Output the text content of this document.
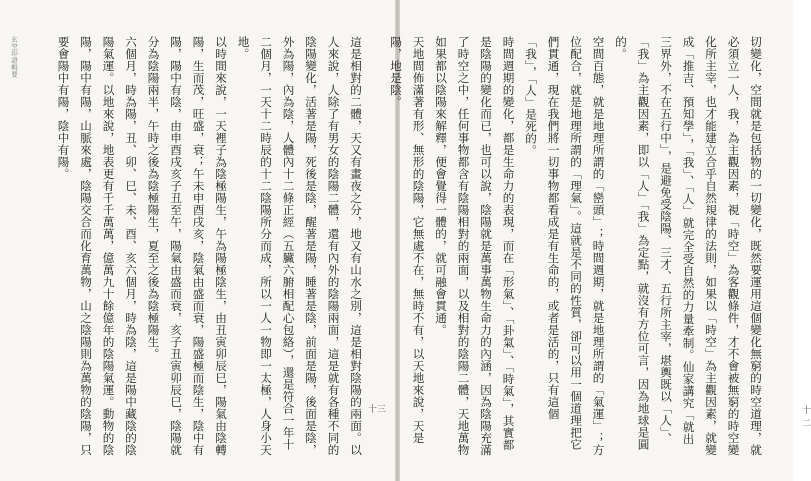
玄空印證輯要	這是相對的二體，天又有畫夜之分，地又有山水之別，這是相對陰陽的兩面。以人來說，人除了有男女的陰陽二體，還有內外的陰陽兩面，這是就有各種不同的陰陽變化，活著是陽，死後是陰，醒著是陽，睡著是陰，前面是陽，後面是陰，外為陽，內為陰，人體內十二條正經（五臟六腑相配心包絡），還是符合一年十二個月，一天十二時辰的十二陰陽所分而成，所以一人一物即一太極，人身小天地。
以時間來說，一天裡子為陰極陽生，午為陽極陰生，由丑寅卯辰巳，陽氣由陰轉陽，生而茂，旺盛，衰；午未申酉戌亥，陰氣由盛而衰，陽盛極而陰生，陰中有陽，陽中有陰，由申酉戌亥子丑至午，陽氣由盛而衰，亥子丑寅卯辰巳，陰陽就分為陰陽兩半，午時之後為陰極陽生，夏至之後為陰極陽生。
六個月，時為陽，丑、卯、巳、未、酉、亥六個月，時為陰，這是陽中藏陰的陰陽氣運。以地來說，地表更有千千萬萬，億萬九十餘億年的陰陽氣運。動物的陰陽，陽中有陽，山脈來處，陰陽交合而化育萬物，山之陰陽則為萬物的陰陽，只要會陽中有陽，陰中有陽。
十三	切變化，空間就是包括物的一切變化，既然要運用這個變化無窮的時空道理，就必須立一人，我，為主觀因素，視「時空」為客觀條件，才不會被無窮的時空變化所主宰，也才能建立合乎自然規律的法則，如果以「時空」為主觀因素，就變成「推吉、預知學」，「我」、「人」就完全受自然的力量牽制。仙家講究「就出三界外，不在五行中」，是避免受陰陽、三才、五行所主宰，堪輿既以「人」、「我」為主觀因素，即以「人」「我」為定點，就沒有方位可言，因為地球是圓的。
空間百態，就是地理所謂的「巒頭」；時間週期，就是地理所謂的「氣運」；方位配合，就是地理所謂的「理氣」。這就是不同的性質，卻可以用一個道理把它們貫通，現在我們將一切事物都看成是有生命的，或者是活的，只有這個「我」，「人」是死的。
時間週期的變化，都是生命力的表現，而在「形氣」、「卦氣」、「時氣」，其實都是陰陽的變化而已，也可以說，陰陽就是萬事萬物生命力的內涵，因為陰陽充滿了時空之中，任何事物都含有陰陽相對的兩面，以及相對的陰陽二體，天地萬物如果都以陰陽來解釋，便會覺得一體的，就可融會貫通。
天地間佈滿著有形、無形的陰陽，它無處不在，無時不有，以天地來說，天是陽，地是陰。
十二
